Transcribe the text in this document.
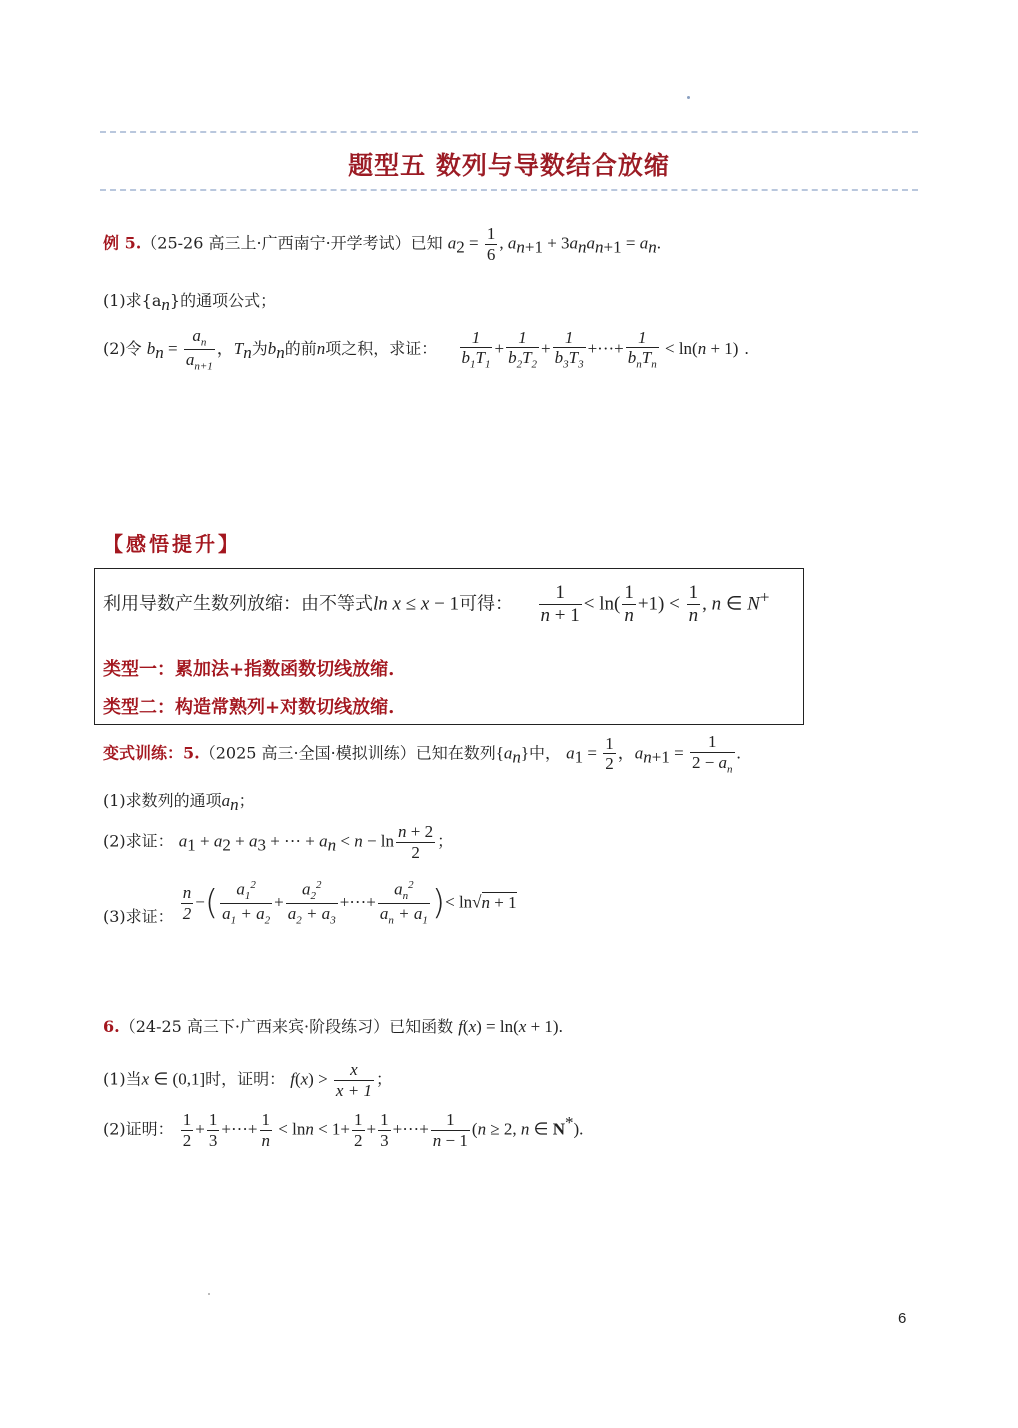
题型五 数列与导数结合放缩
例 5.（25-26 高三上·广西南宁·开学考试）已知 $a_2 = \frac{1}{6}$ , $a_{n+1} + 3a_na_{n+1} = a_n$.
(1)求$\{a_n\}$的通项公式；
(2)令 $b_n = \frac{a_n}{a_{n+1}}$ ，$T_n$为$b_n$的前n项之积，求证： $\frac{1}{b_1T_1} + \frac{1}{b_2T_2} + \frac{1}{b_3T_3}$ +···+ $\frac{1}{b_nT_n} < \ln(n + 1)$ .
【感悟提升】
利用导数产生数列放缩：由不等式ln x ≤ x − 1可得： $\frac{1}{n + 1} < \ln( \frac{1}{n} +1) < \frac{1}{n}$ , n ∈ N+
类型一：累加法+指数函数切线放缩.
类型二：构造常熟列+对数切线放缩.
变式训练：5.（2025 高三·全国·模拟训练）已知在数列$\{a_n\}$中， $a_1 = \frac{1}{2}$ ，$a_{n+1} = \frac{1}{2 - a_n}$ .
(1)求数列的通项$a_n$；
(2)求证： $a_1 + a_2 + a_3$ + ··· + $a_n < n - \ln \frac{n + 2}{2}$ ；
(3)求证： $\frac{n}{2}$ −( $\frac{a_1^2}{a_1 + a_2} + \frac{a_2^2}{a_2 + a_3}$ +···+ $\frac{a_n^2}{a_n + a_1}$ )< ln√n + 1
6.（24-25 高三下·广西来宾·阶段练习）已知函数 f(x) = ln(x + 1).
(1)当x ∈ (0,1]时，证明： $f(x) > \frac{x}{x + 1}$ ；
(2)证明： $\frac{1}{2} + \frac{1}{3}$ +···+ $\frac{1}{n} < \ln n < 1+ \frac{1}{2} + \frac{1}{3}$ +···+ $\frac{1}{n - 1} (n \ge 2$, n ∈ N*).
6
